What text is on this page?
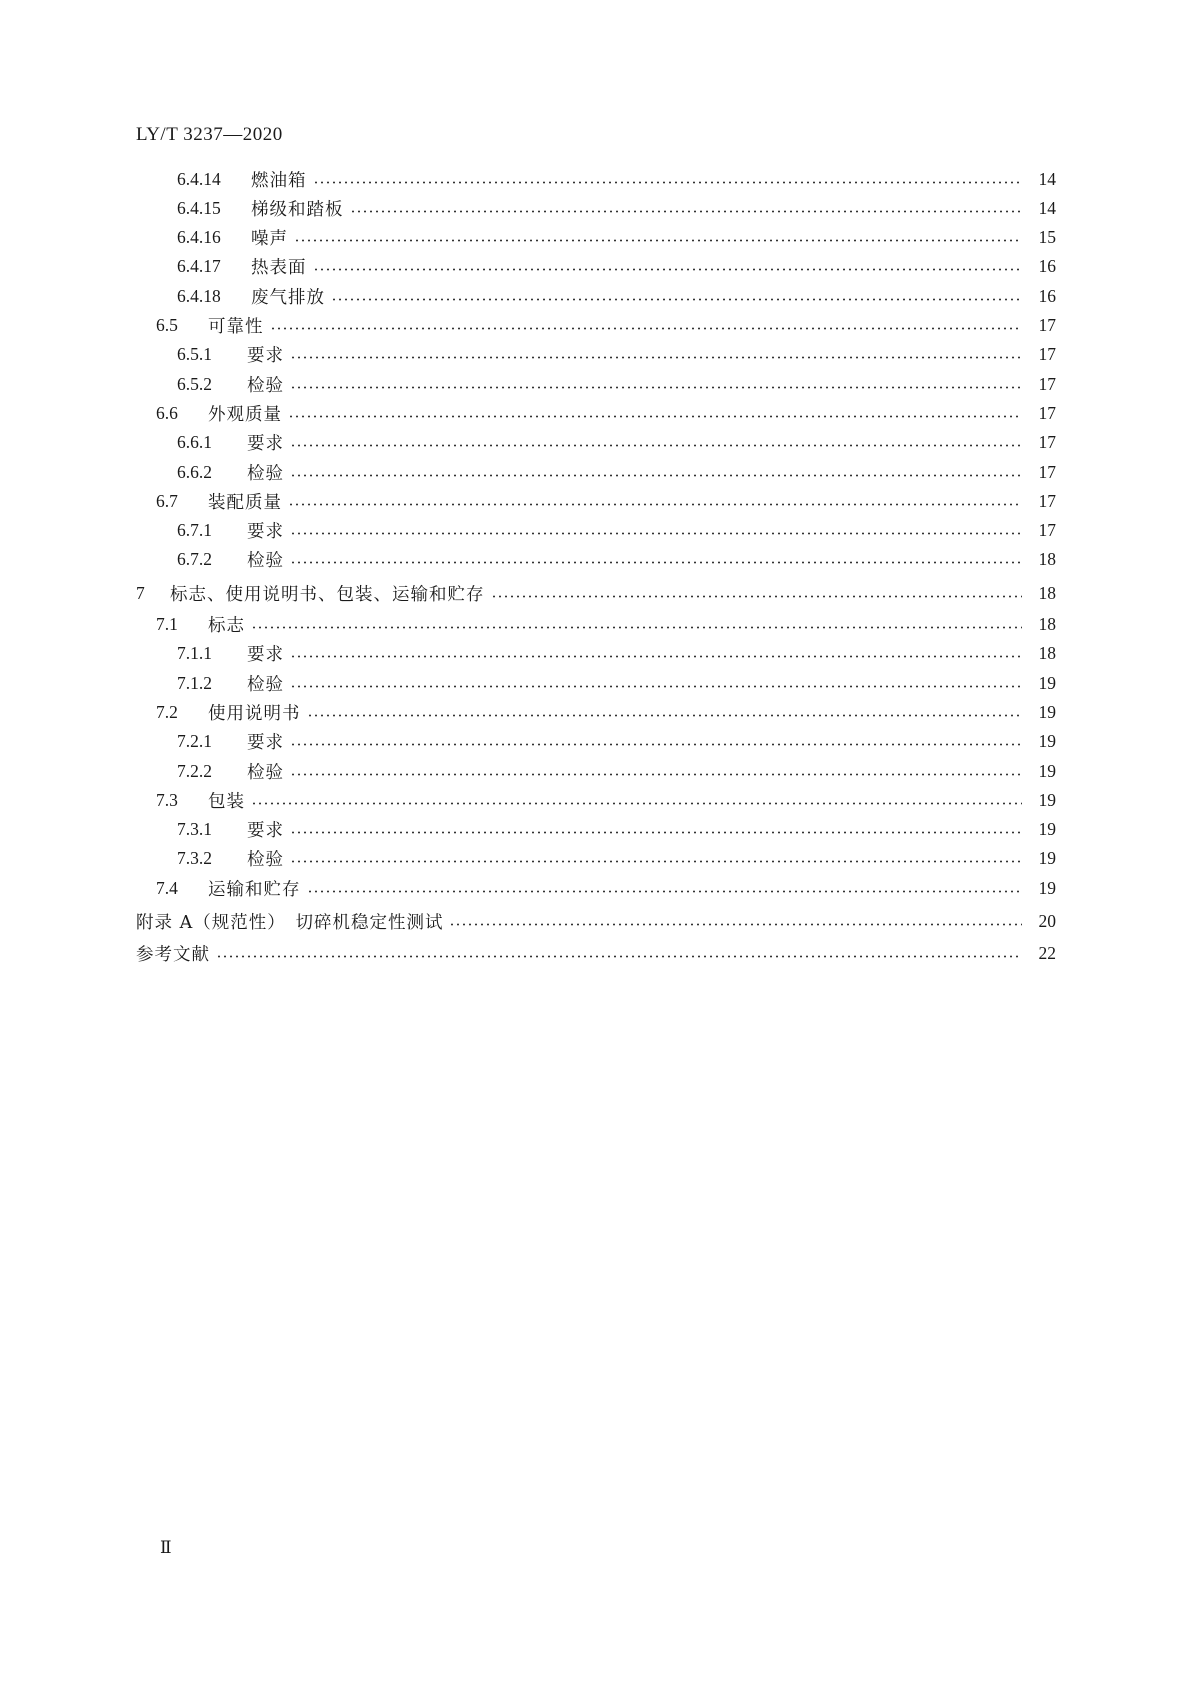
LY/T 3237—2020
6.4.14	燃油箱	14
6.4.15	梯级和踏板	14
6.4.16	噪声	15
6.4.17	热表面	16
6.4.18	废气排放	16
6.5	可靠性	17
6.5.1	要求	17
6.5.2	检验	17
6.6	外观质量	17
6.6.1	要求	17
6.6.2	检验	17
6.7	装配质量	17
6.7.1	要求	17
6.7.2	检验	18
7	标志、使用说明书、包装、运输和贮存	18
7.1	标志	18
7.1.1	要求	18
7.1.2	检验	19
7.2	使用说明书	19
7.2.1	要求	19
7.2.2	检验	19
7.3	包装	19
7.3.1	要求	19
7.3.2	检验	19
7.4	运输和贮存	19
附录 A（规范性）　切碎机稳定性测试	20
参考文献	22
Ⅱ
